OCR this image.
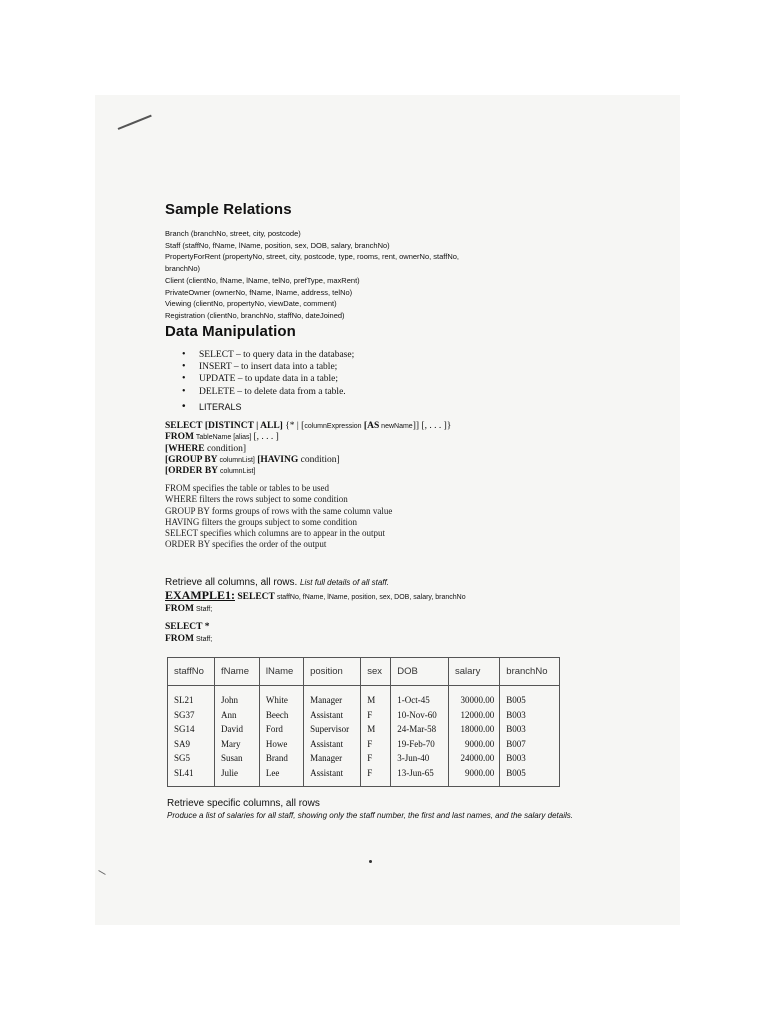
Sample Relations
Branch (branchNo, street, city, postcode)
Staff (staffNo, fName, lName, position, sex, DOB, salary, branchNo)
PropertyForRent (propertyNo, street, city, postcode, type, rooms, rent, ownerNo, staffNo,
branchNo)
Client (clientNo, fName, lName, telNo, prefType, maxRent)
PrivateOwner (ownerNo, fName, lName, address, telNo)
Viewing (clientNo, propertyNo, viewDate, comment)
Registration (clientNo, branchNo, staffNo, dateJoined)
Data Manipulation
• SELECT – to query data in the database;
• INSERT – to insert data into a table;
• UPDATE – to update data in a table;
• DELETE – to delete data from a table.
• LITERALS
SELECT [DISTINCT | ALL] {* | [columnExpression [AS newName]] [, . . . ]}
FROM TableName [alias] [, . . . ]
[WHERE condition]
[GROUP BY columnList] [HAVING condition]
[ORDER BY columnList]
FROM specifies the table or tables to be used
WHERE filters the rows subject to some condition
GROUP BY forms groups of rows with the same column value
HAVING filters the groups subject to some condition
SELECT specifies which columns are to appear in the output
ORDER BY specifies the order of the output
Retrieve all columns, all rows. List full details of all staff.
EXAMPLE1: SELECT staffNo, fName, lName, position, sex, DOB, salary, branchNo
FROM Staff;
SELECT *
FROM Staff;
staffNo	fName	lName	position	sex	DOB	salary	branchNo
SL21	John	White	Manager	M	1-Oct-45	30000.00	B005
SG37	Ann	Beech	Assistant	F	10-Nov-60	12000.00	B003
SG14	David	Ford	Supervisor	M	24-Mar-58	18000.00	B003
SA9	Mary	Howe	Assistant	F	19-Feb-70	9000.00	B007
SG5	Susan	Brand	Manager	F	3-Jun-40	24000.00	B003
SL41	Julie	Lee	Assistant	F	13-Jun-65	9000.00	B005
Retrieve specific columns, all rows
Produce a list of salaries for all staff, showing only the staff number, the first and last names, and the salary details.
